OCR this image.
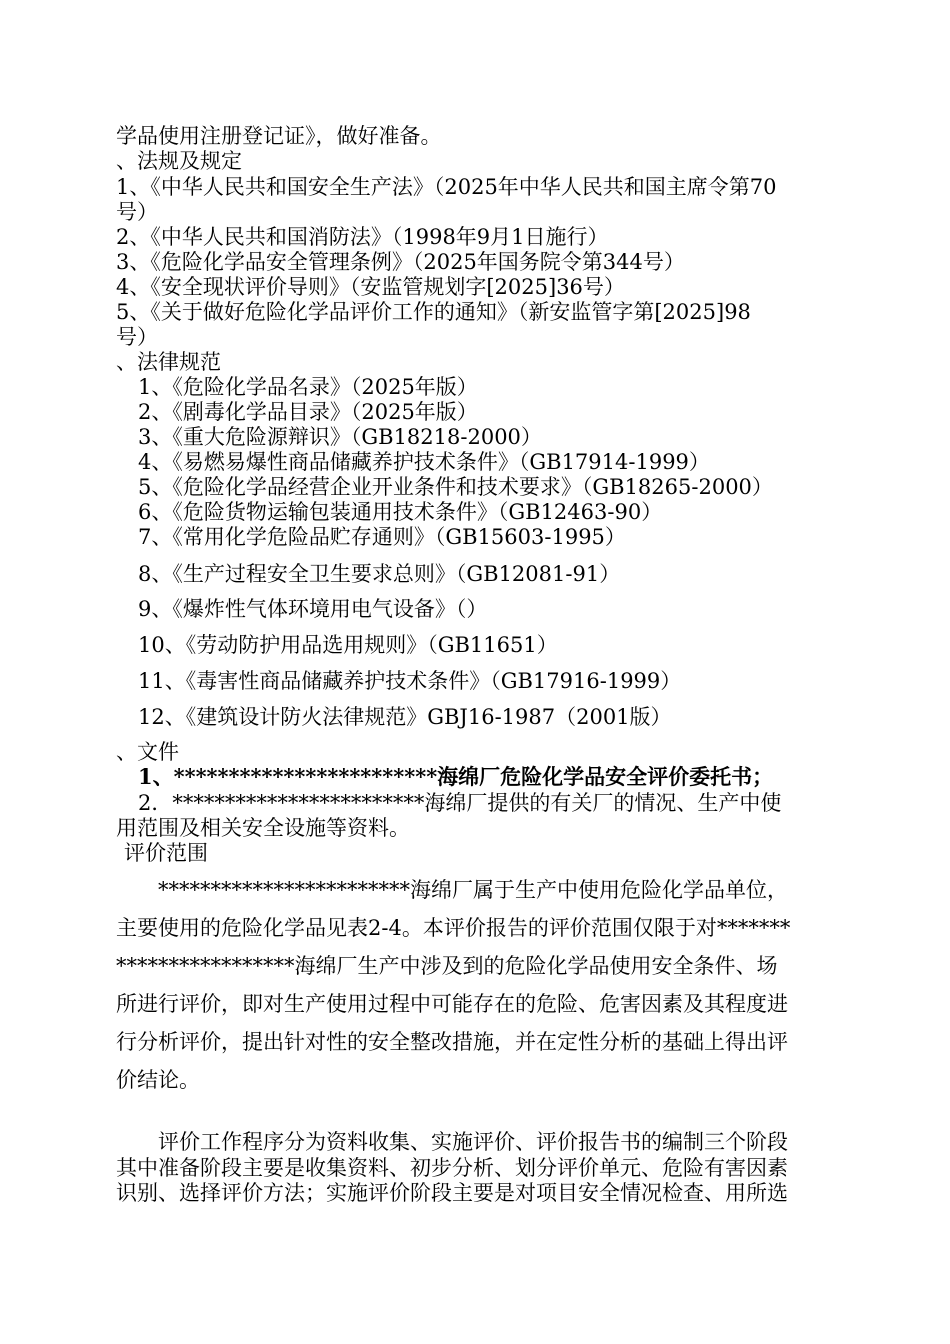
学品使用注册登记证》，做好准备。

、法规及规定

1、《中华人民共和国安全生产法》（2025年中华人民共和国主席令第70

号）

2、《中华人民共和国消防法》（1998年9月1日施行）

3、《危险化学品安全管理条例》（2025年国务院令第344号）

4、《安全现状评价导则》（安监管规划字[2025]36号）

5、《关于做好危险化学品评价工作的通知》（新安监管字第[2025]98

号）

、法律规范

1、《危险化学品名录》（2025年版）

2、《剧毒化学品目录》（2025年版）

3、《重大危险源辩识》（GB18218-2000）

4、《易燃易爆性商品储藏养护技术条件》（GB17914-1999）

5、《危险化学品经营企业开业条件和技术要求》（GB18265-2000）

6、《危险货物运输包装通用技术条件》（GB12463-90）

7、《常用化学危险品贮存通则》（GB15603-1995）

8、《生产过程安全卫生要求总则》（GB12081-91）

9、《爆炸性气体环境用电气设备》（）

10、《劳动防护用品选用规则》（GB11651）

11、《毒害性商品储藏养护技术条件》（GB17916-1999）

12、《建筑设计防火法律规范》GBJ16-1987（2001版）

、文件

1、************************海绵厂危险化学品安全评价委托书；

2．************************海绵厂提供的有关厂的情况、生产中使

用范围及相关安全设施等资料。

评价范围

************************海绵厂属于生产中使用危险化学品单位，

主要使用的危险化学品见表2-4。本评价报告的评价范围仅限于对*******

*****************海绵厂生产中涉及到的危险化学品使用安全条件、场

所进行评价，即对生产使用过程中可能存在的危险、危害因素及其程度进

行分析评价，提出针对性的安全整改措施，并在定性分析的基础上得出评

价结论。

评价工作程序分为资料收集、实施评价、评价报告书的编制三个阶段

其中准备阶段主要是收集资料、初步分析、划分评价单元、危险有害因素

识别、选择评价方法；实施评价阶段主要是对项目安全情况检查、用所选
